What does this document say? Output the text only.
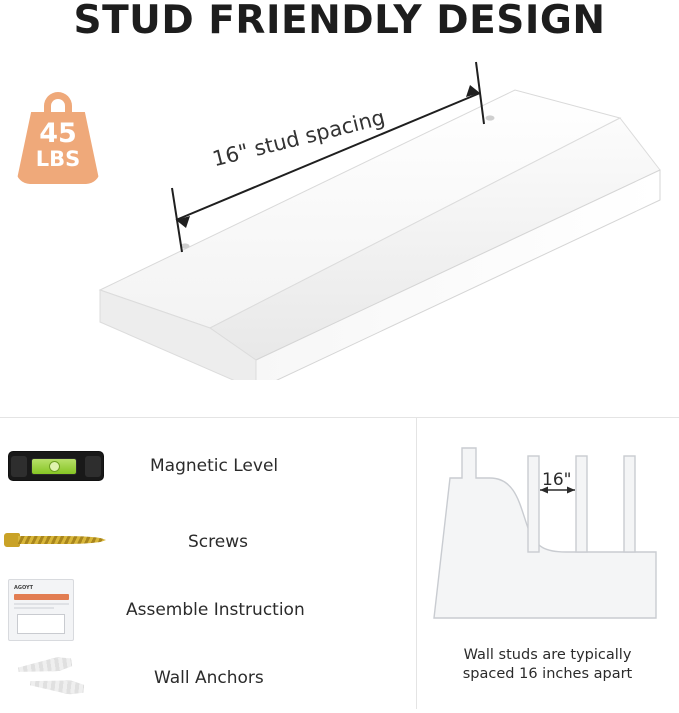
STUD FRIENDLY DESIGN
45
LBS	16" stud spacing
Magnetic Level
Screws
AGOYT
Assemble Instruction
Wall Anchors
16"
Wall studs are typically
spaced 16 inches apart
